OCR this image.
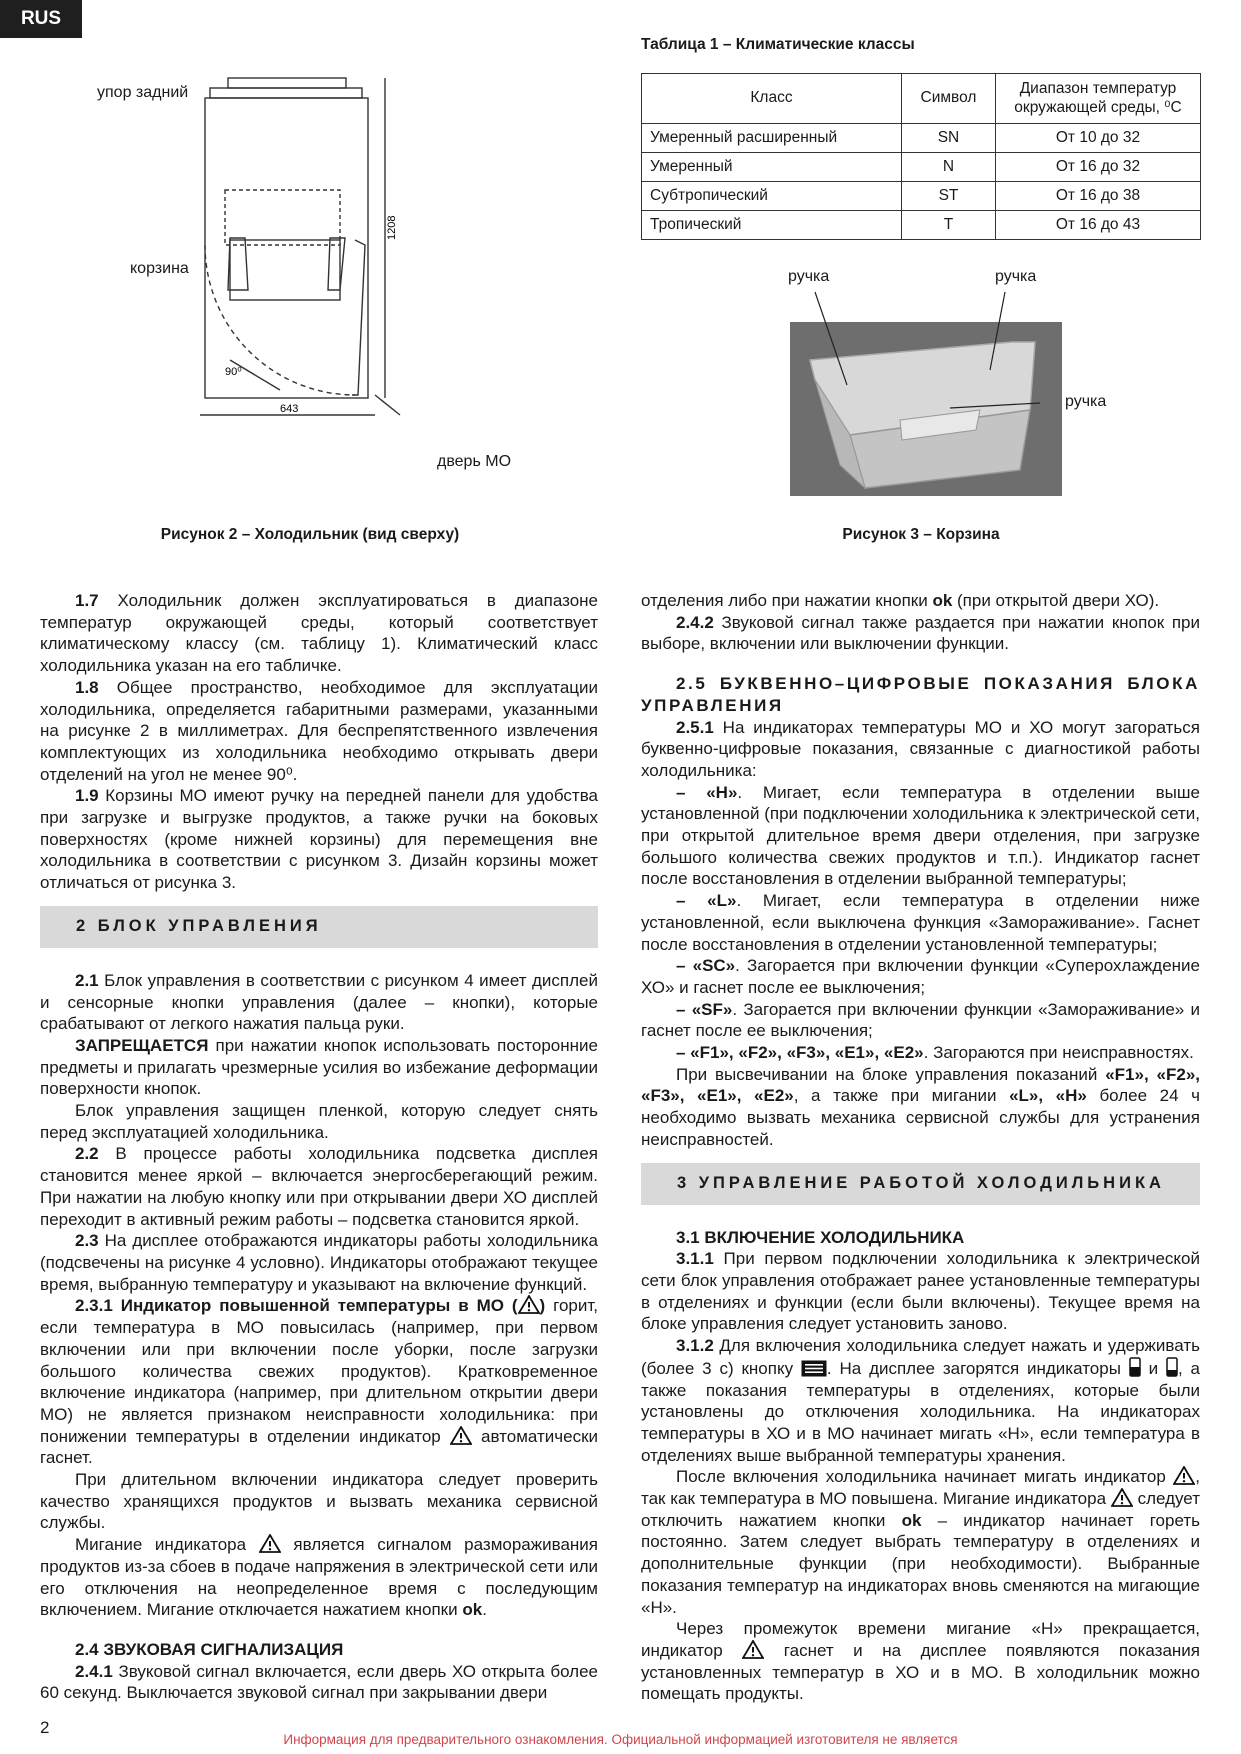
RUS
1208
643
90⁰
упор задний
корзина
дверь МО
Рисунок 2 – Холодильник (вид сверху)
Таблица 1 – Климатические классы
Класс	Символ	Диапазон температур окружающей среды, ⁰С
Умеренный расширенный	SN	От 10 до 32
Умеренный	N	От 16 до 32
Субтропический	ST	От 16 до 38
Тропический	T	От 16 до 43
ручка	ручка
ручка
Рисунок 3 – Корзина

1.7 Холодильник должен эксплуатироваться в диапазоне температур окружающей среды, который соответствует климатическому классу (см. таблицу 1). Климатический класс холодильника указан на его табличке.

1.8 Общее пространство, необходимое для эксплуатации холодильника, определяется габаритными размерами, указанными на рисунке 2 в миллиметрах. Для беспрепятственного извлечения комплектующих из холодильника необходимо открывать двери отделений на угол не менее 90⁰.

1.9 Корзины МО имеют ручку на передней панели для удобства при загрузке и выгрузке продуктов, а также ручки на боковых поверхностях (кроме нижней корзины) для перемещения вне холодильника в соответствии с рисунком 3. Дизайн корзины может отличаться от рисунка 3.

2 БЛОК УПРАВЛЕНИЯ

2.1 Блок управления в соответствии с рисунком 4 имеет дисплей и сенсорные кнопки управления (далее – кнопки), которые срабатывают от легкого нажатия пальца руки.

ЗАПРЕЩАЕТСЯ при нажатии кнопок использовать посторонние предметы и прилагать чрезмерные усилия во избежание деформации поверхности кнопок.

Блок управления защищен пленкой, которую следует снять перед эксплуатацией холодильника.

2.2 В процессе работы холодильника подсветка дисплея становится менее яркой – включается энергосберегающий режим. При нажатии на любую кнопку или при открывании двери ХО дисплей переходит в активный режим работы – подсветка становится яркой.

2.3 На дисплее отображаются индикаторы работы холодильника (подсвечены на рисунке 4 условно). Индикаторы отображают текущее время, выбранную температуру и указывают на включение функций.

2.3.1 Индикатор повышенной температуры в МО ( ) горит, если температура в МО повысилась (например, при первом включении или при включении после уборки, после загрузки большого количества свежих продуктов). Кратковременное включение индикатора (например, при длительном открытии двери МО) не является признаком неисправности холодильника: при понижении температуры в отделении индикатор  автоматически гаснет.

При длительном включении индикатора следует проверить качество хранящихся продуктов и вызвать механика сервисной службы.

Мигание индикатора  является сигналом размораживания продуктов из-за сбоев в подаче напряжения в электрической сети или его отключения на неопределенное время с последующим включением. Мигание отключается нажатием кнопки ok.

2.4 ЗВУКОВАЯ СИГНАЛИЗАЦИЯ

2.4.1 Звуковой сигнал включается, если дверь ХО открыта более 60 секунд. Выключается звуковой сигнал при закрывании двери

отделения либо при нажатии кнопки ok (при открытой двери ХО).

2.4.2 Звуковой сигнал также раздается при нажатии кнопок при выборе, включении или выключении функции.

2.5 БУКВЕННО–ЦИФРОВЫЕ ПОКАЗАНИЯ БЛОКА УПРАВЛЕНИЯ

2.5.1 На индикаторах температуры МО и ХО могут загораться буквенно-цифровые показания, связанные с диагностикой работы холодильника:

– «Н». Мигает, если температура в отделении выше установленной (при подключении холодильника к электрической сети, при открытой длительное время двери отделения, при загрузке большого количества свежих продуктов и т.п.). Индикатор гаснет после восстановления в отделении выбранной температуры;

– «L». Мигает, если температура в отделении ниже установленной, если выключена функция «Замораживание». Гаснет после восстановления в отделении установленной температуры;

– «SC». Загорается при включении функции «Суперохлаждение ХО» и гаснет после ее выключения;

– «SF». Загорается при включении функции «Замораживание» и гаснет после ее выключения;

– «F1», «F2», «F3», «E1», «E2». Загораются при неисправностях.

При высвечивании на блоке управления показаний «F1», «F2», «F3», «E1», «E2», а также при мигании «L», «Н» более 24 ч необходимо вызвать механика сервисной службы для устранения неисправностей.

3 УПРАВЛЕНИЕ РАБОТОЙ ХОЛОДИЛЬНИКА
3.1 ВКЛЮЧЕНИЕ ХОЛОДИЛЬНИКА

3.1.1 При первом подключении холодильника к электрической сети блок управления отображает ранее установленные температуры в отделениях и функции (если были включены). Текущее время на блоке управления следует установить заново.

3.1.2 Для включения холодильника следует нажать и удерживать (более 3 с) кнопку . На дисплее загорятся индикаторы  и , а также показания температуры в отделениях, которые были установлены до отключения холодильника. На индикаторах температуры в ХО и в МО начинает мигать «Н», если температура в отделениях выше выбранной температуры хранения.

После включения холодильника начинает мигать индикатор , так как температура в МО повышена. Мигание индикатора  следует отключить нажатием кнопки ok – индикатор начинает гореть постоянно. Затем следует выбрать температуру в отделениях и дополнительные функции (при необходимости). Выбранные показания температур на индикаторах вновь сменяются на мигающие «Н».

Через промежуток времени мигание «Н» прекращается, индикатор  гаснет и на дисплее появляются показания установленных температур в ХО и в МО. В холодильник можно помещать продукты.

2
Информация для предварительного ознакомления. Официальной информацией изготовителя не является
